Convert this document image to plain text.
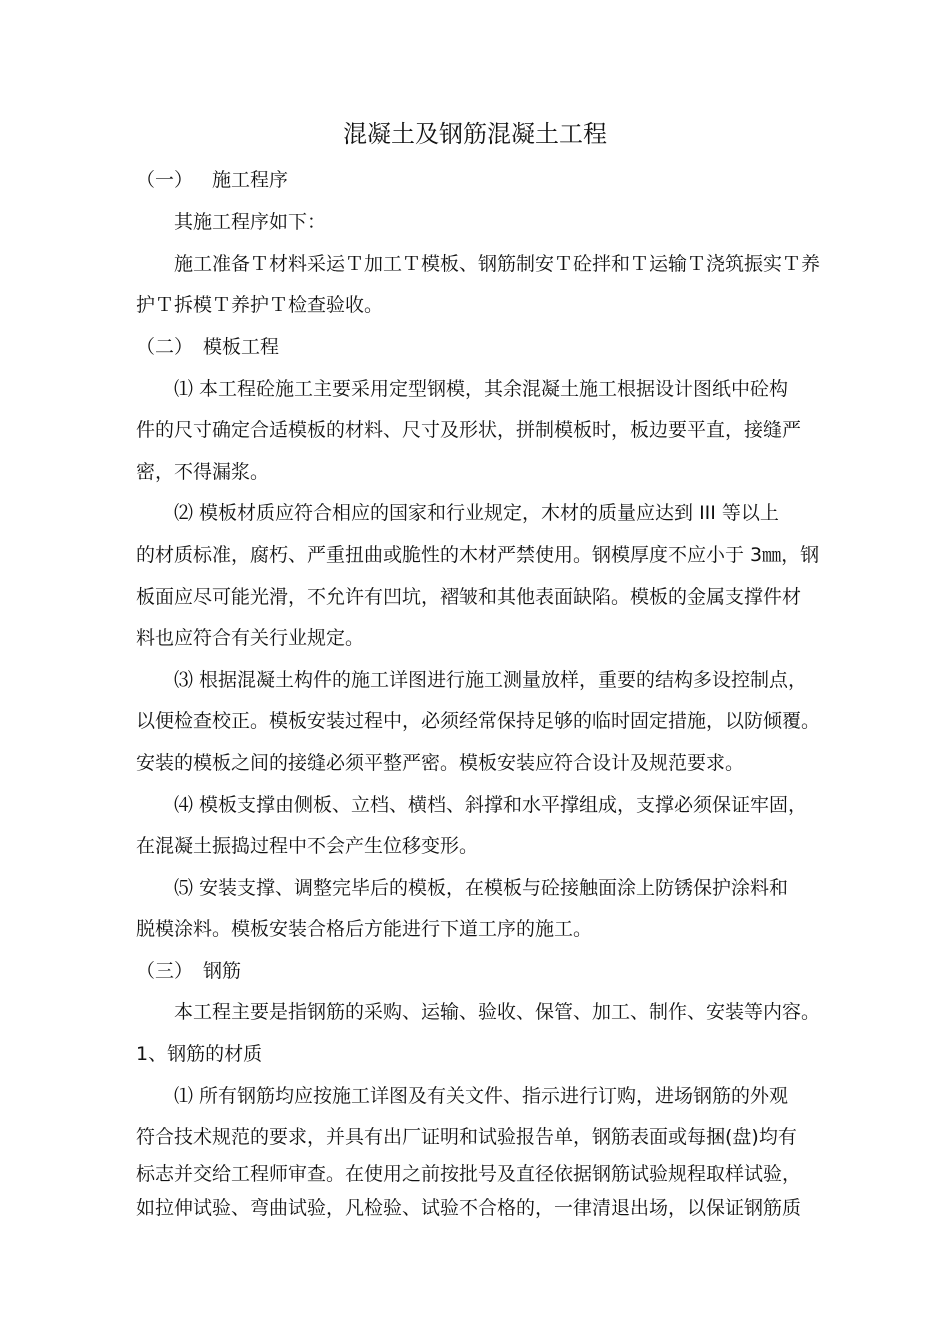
混凝土及钢筋混凝土工程
（一） 施工程序
其施工程序如下：
施工准备Ｔ材料采运Ｔ加工Ｔ模板、钢筋制安Ｔ砼拌和Ｔ运输Ｔ浇筑振实Ｔ养
护Ｔ拆模Ｔ养护Ｔ检查验收。
（二） 模板工程
⑴ 本工程砼施工主要采用定型钢模，其余混凝土施工根据设计图纸中砼构
件的尺寸确定合适模板的材料、尺寸及形状，拼制模板时，板边要平直，接缝严
密，不得漏浆。
⑵ 模板材质应符合相应的国家和行业规定，木材的质量应达到 III 等以上
的材质标准，腐朽、严重扭曲或脆性的木材严禁使用。钢模厚度不应小于 3㎜，钢
板面应尽可能光滑，不允许有凹坑，褶皱和其他表面缺陷。模板的金属支撑件材
料也应符合有关行业规定。
⑶ 根据混凝土构件的施工详图进行施工测量放样，重要的结构多设控制点，
以便检查校正。模板安装过程中，必须经常保持足够的临时固定措施，以防倾覆。
安装的模板之间的接缝必须平整严密。模板安装应符合设计及规范要求。
⑷ 模板支撑由侧板、立档、横档、斜撑和水平撑组成，支撑必须保证牢固，
在混凝土振捣过程中不会产生位移变形。
⑸ 安装支撑、调整完毕后的模板，在模板与砼接触面涂上防锈保护涂料和
脱模涂料。模板安装合格后方能进行下道工序的施工。
（三） 钢筋
本工程主要是指钢筋的采购、运输、验收、保管、加工、制作、安装等内容。
1、钢筋的材质
⑴ 所有钢筋均应按施工详图及有关文件、指示进行订购，进场钢筋的外观
符合技术规范的要求，并具有出厂证明和试验报告单，钢筋表面或每捆(盘)均有
标志并交给工程师审查。在使用之前按批号及直径依据钢筋试验规程取样试验，
如拉伸试验、弯曲试验，凡检验、试验不合格的，一律清退出场，以保证钢筋质
